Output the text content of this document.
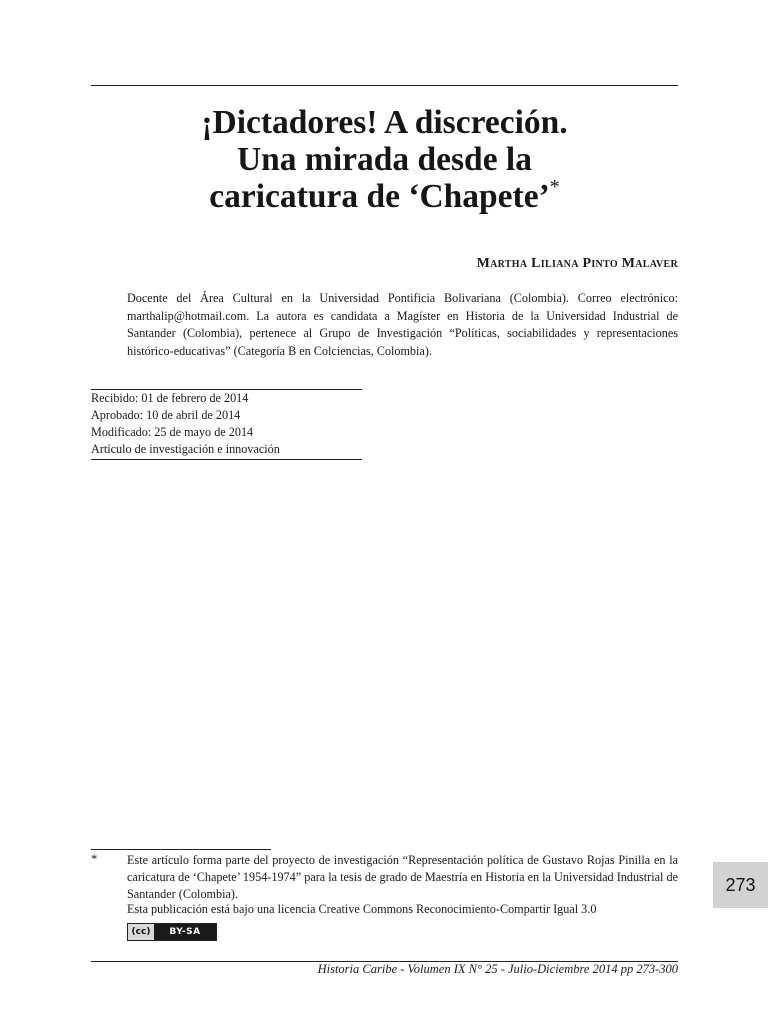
¡Dictadores! A discreción.
Una mirada desde la
caricatura de ‘Chapete’*
Martha Liliana Pinto Malaver

Docente del Área Cultural en la Universidad Pontificia Bolivariana (Colombia). Correo electrónico: marthalip@hotmail.com. La autora es candidata a Magíster en Historia de la Universidad Industrial de Santander (Colombia), pertenece al Grupo de Investigación “Políticas, sociabilidades y representaciones histórico-educativas” (Categoría B en Colciencias, Colombia).

Recibido: 01 de febrero de 2014
Aprobado: 10 de abril de 2014
Modificado: 25 de mayo de 2014
Artículo de investigación e innovación
* Este artículo forma parte del proyecto de investigación “Representación política de Gustavo Rojas Pinilla en la caricatura de ‘Chapete’ 1954-1974” para la tesis de grado de Maestría en Historia en la Universidad Industrial de Santander (Colombia).

Esta publicación está bajo una licencia Creative Commons Reconocimiento-Compartir Igual 3.0
(cc)	BY-SA
Historia Caribe - Volumen IX N° 25 - Julio-Diciembre 2014 pp 273-300
273
